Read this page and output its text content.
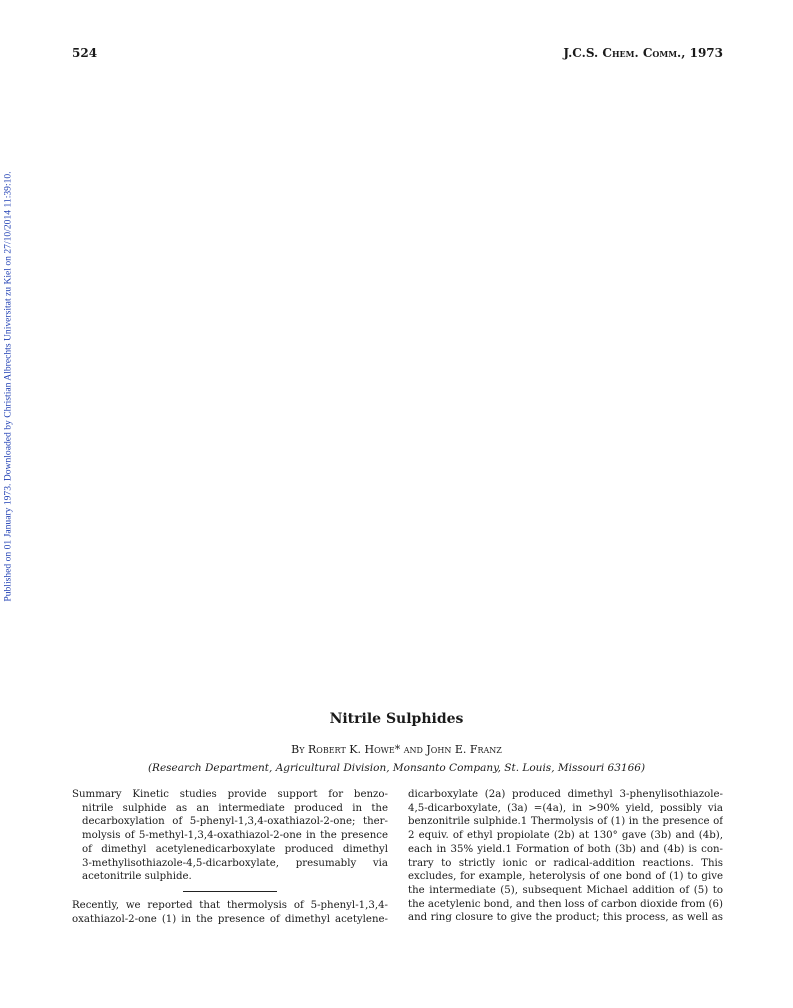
524	J.C.S. Chem. Comm., 1973
Published on 01 January 1973. Downloaded by Christian Albrechts Universitat zu Kiel on 27/10/2014 11:39:10.
Nitrile Sulphides
By Robert K. Howe* and John E. Franz
(Research Department, Agricultural Division, Monsanto Company, St. Louis, Missouri 63166)
Summary Kinetic studies provide support for benzo-
nitrile sulphide as an intermediate produced in the
decarboxylation of 5-phenyl-1,3,4-oxathiazol-2-one; ther-
molysis of 5-methyl-1,3,4-oxathiazol-2-one in the presence
of dimethyl acetylenedicarboxylate produced dimethyl
3-methylisothiazole-4,5-dicarboxylate, presumably via
acetonitrile sulphide.
Recently, we reported that thermolysis of 5-phenyl-1,3,4-
oxathiazol-2-one (1) in the presence of dimethyl acetylene-
dicarboxylate (2a) produced dimethyl 3-phenylisothiazole-
4,5-dicarboxylate, (3a) =(4a), in >90% yield, possibly via
benzonitrile sulphide.1 Thermolysis of (1) in the presence of
2 equiv. of ethyl propiolate (2b) at 130° gave (3b) and (4b),
each in 35% yield.1 Formation of both (3b) and (4b) is con-
trary to strictly ionic or radical-addition reactions. This
excludes, for example, heterolysis of one bond of (1) to give
the intermediate (5), subsequent Michael addition of (5) to
the acetylenic bond, and then loss of carbon dioxide from (6)
and ring closure to give the product; this process, as well as
